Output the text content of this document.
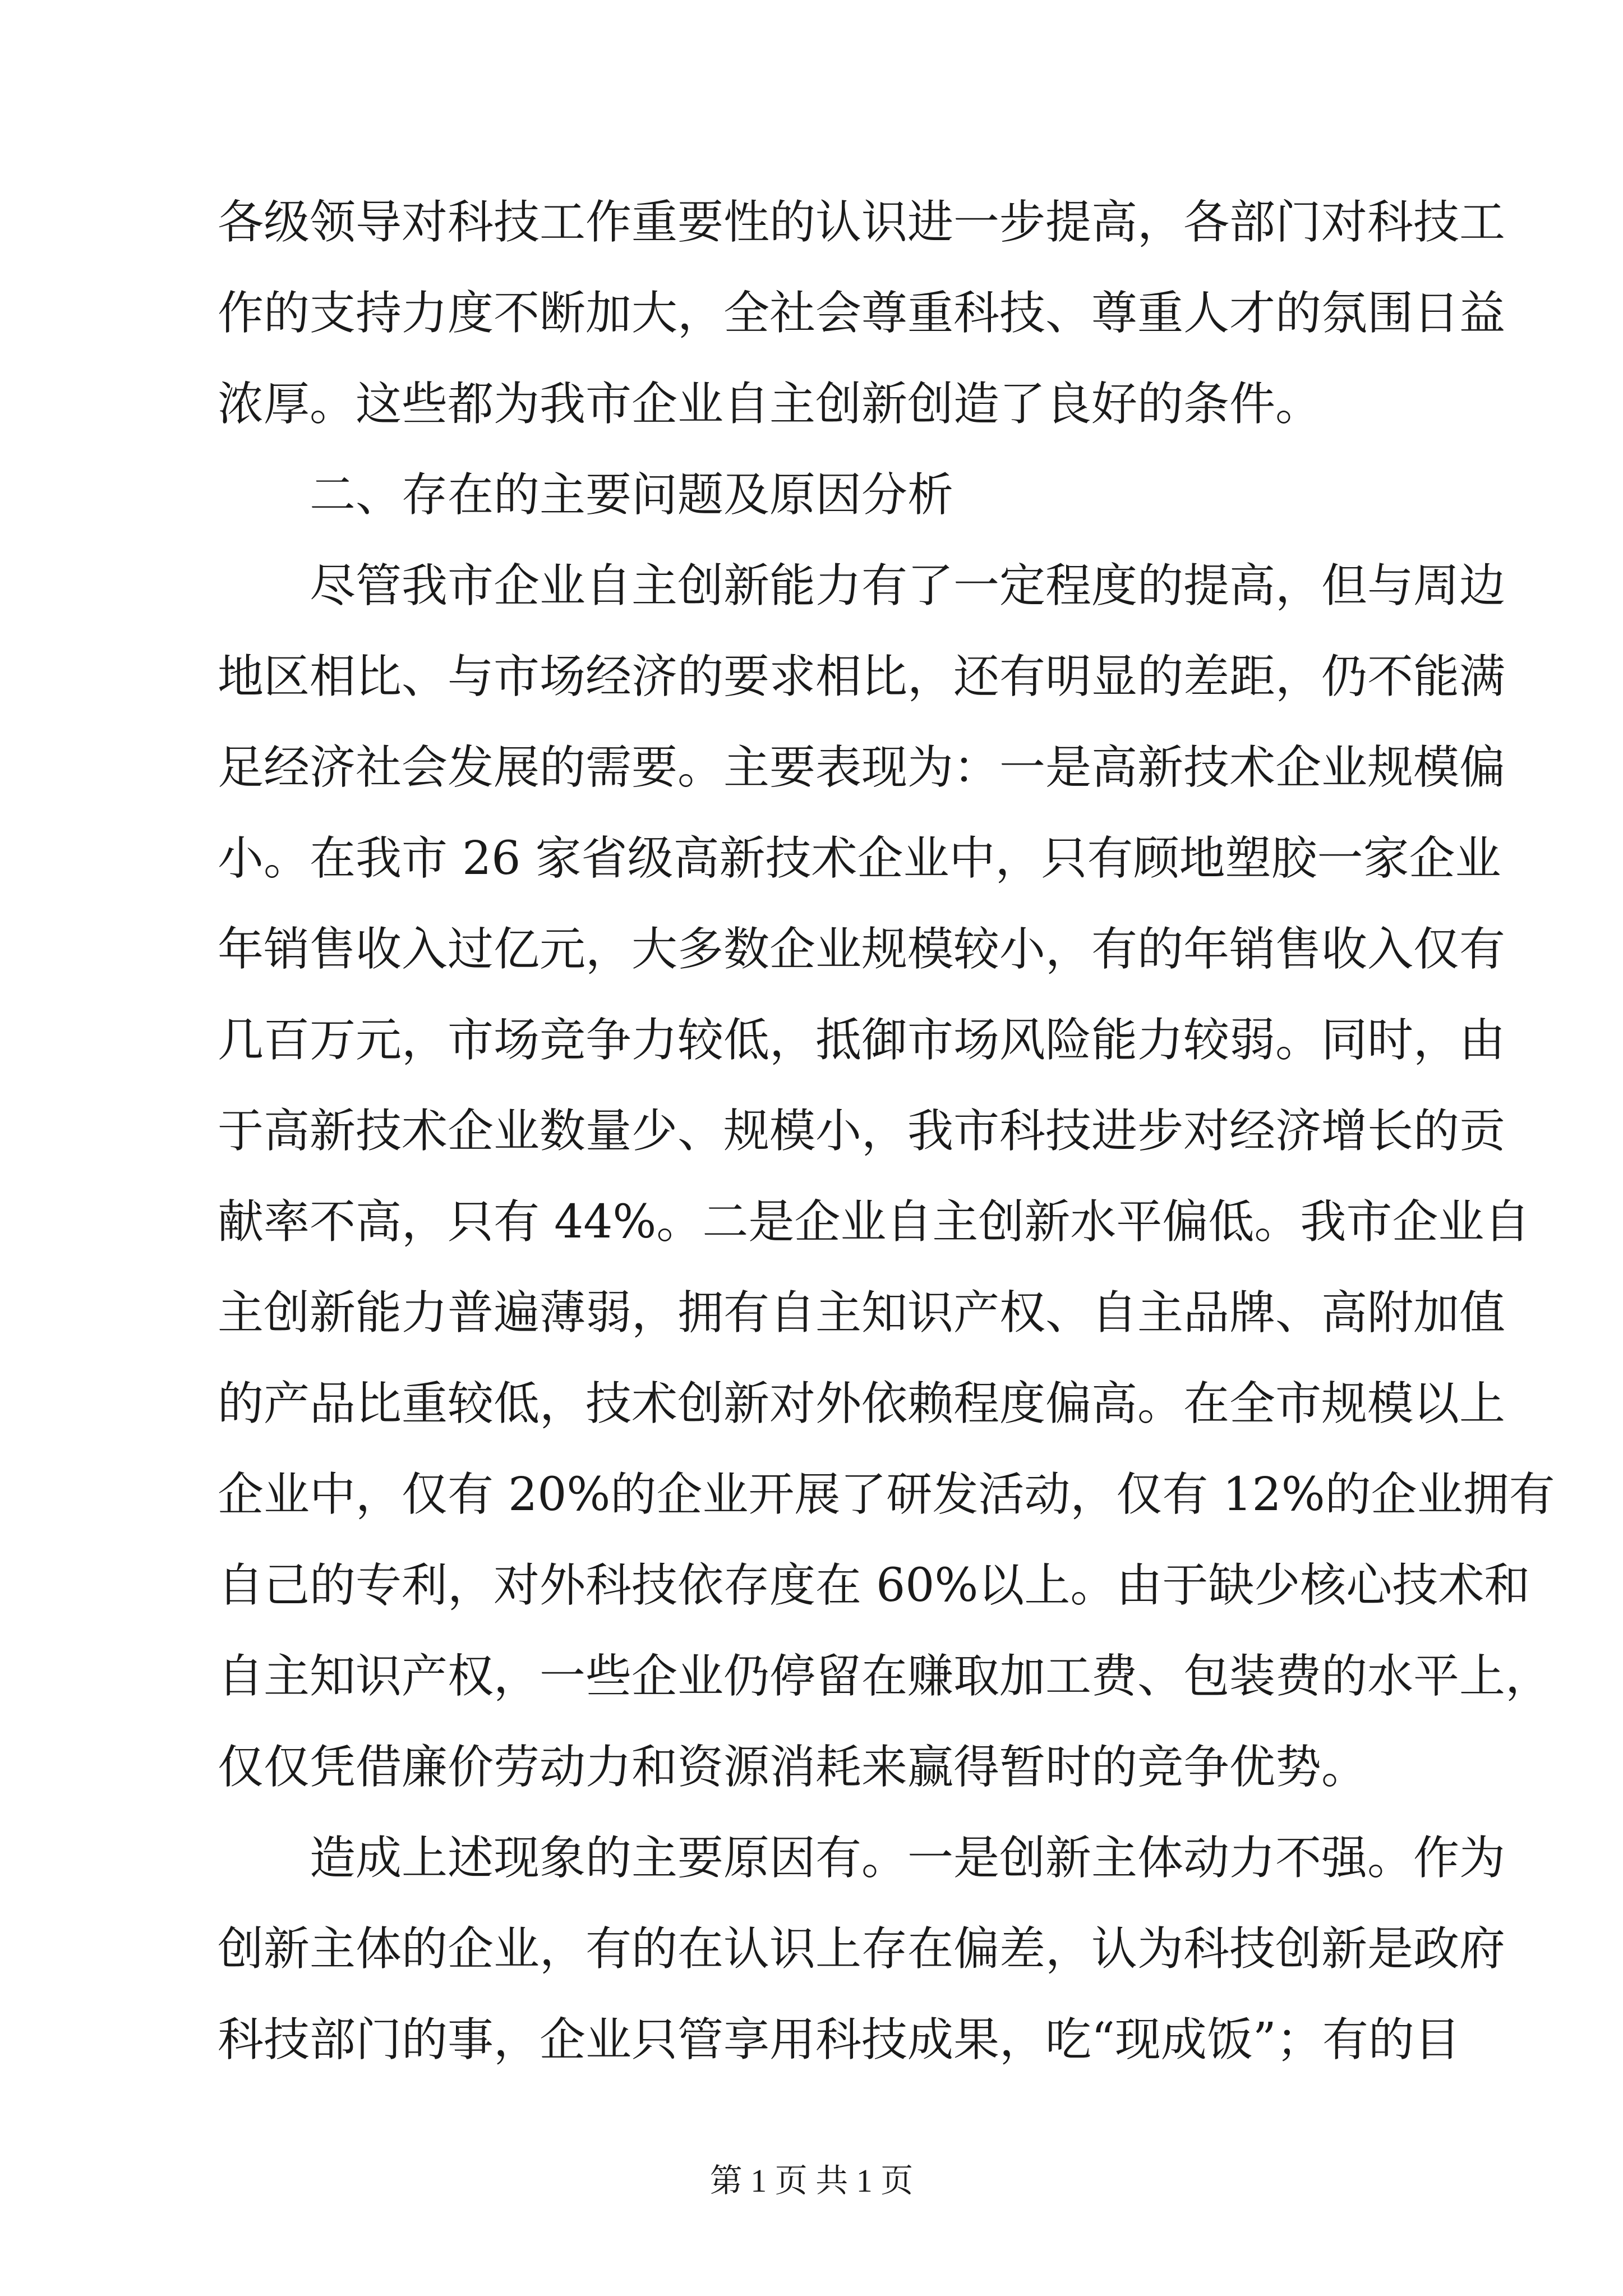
各级领导对科技工作重要性的认识进一步提高，各部门对科技工
作的支持力度不断加大，全社会尊重科技、尊重人才的氛围日益
浓厚。这些都为我市企业自主创新创造了良好的条件。
　　二、存在的主要问题及原因分析
　　尽管我市企业自主创新能力有了一定程度的提高，但与周边
地区相比、与市场经济的要求相比，还有明显的差距，仍不能满
足经济社会发展的需要。主要表现为：一是高新技术企业规模偏
小。在我市 26 家省级高新技术企业中，只有顾地塑胶一家企业
年销售收入过亿元，大多数企业规模较小，有的年销售收入仅有
几百万元，市场竞争力较低，抵御市场风险能力较弱。同时，由
于高新技术企业数量少、规模小，我市科技进步对经济增长的贡
献率不高，只有 44%。二是企业自主创新水平偏低。我市企业自
主创新能力普遍薄弱，拥有自主知识产权、自主品牌、高附加值
的产品比重较低，技术创新对外依赖程度偏高。在全市规模以上
企业中，仅有 20%的企业开展了研发活动，仅有 12%的企业拥有
自己的专利，对外科技依存度在 60%以上。由于缺少核心技术和
自主知识产权，一些企业仍停留在赚取加工费、包装费的水平上，
仅仅凭借廉价劳动力和资源消耗来赢得暂时的竞争优势。
　　造成上述现象的主要原因有。一是创新主体动力不强。作为
创新主体的企业，有的在认识上存在偏差，认为科技创新是政府
科技部门的事，企业只管享用科技成果，吃“现成饭”；有的目
第 1 页 共 1 页
